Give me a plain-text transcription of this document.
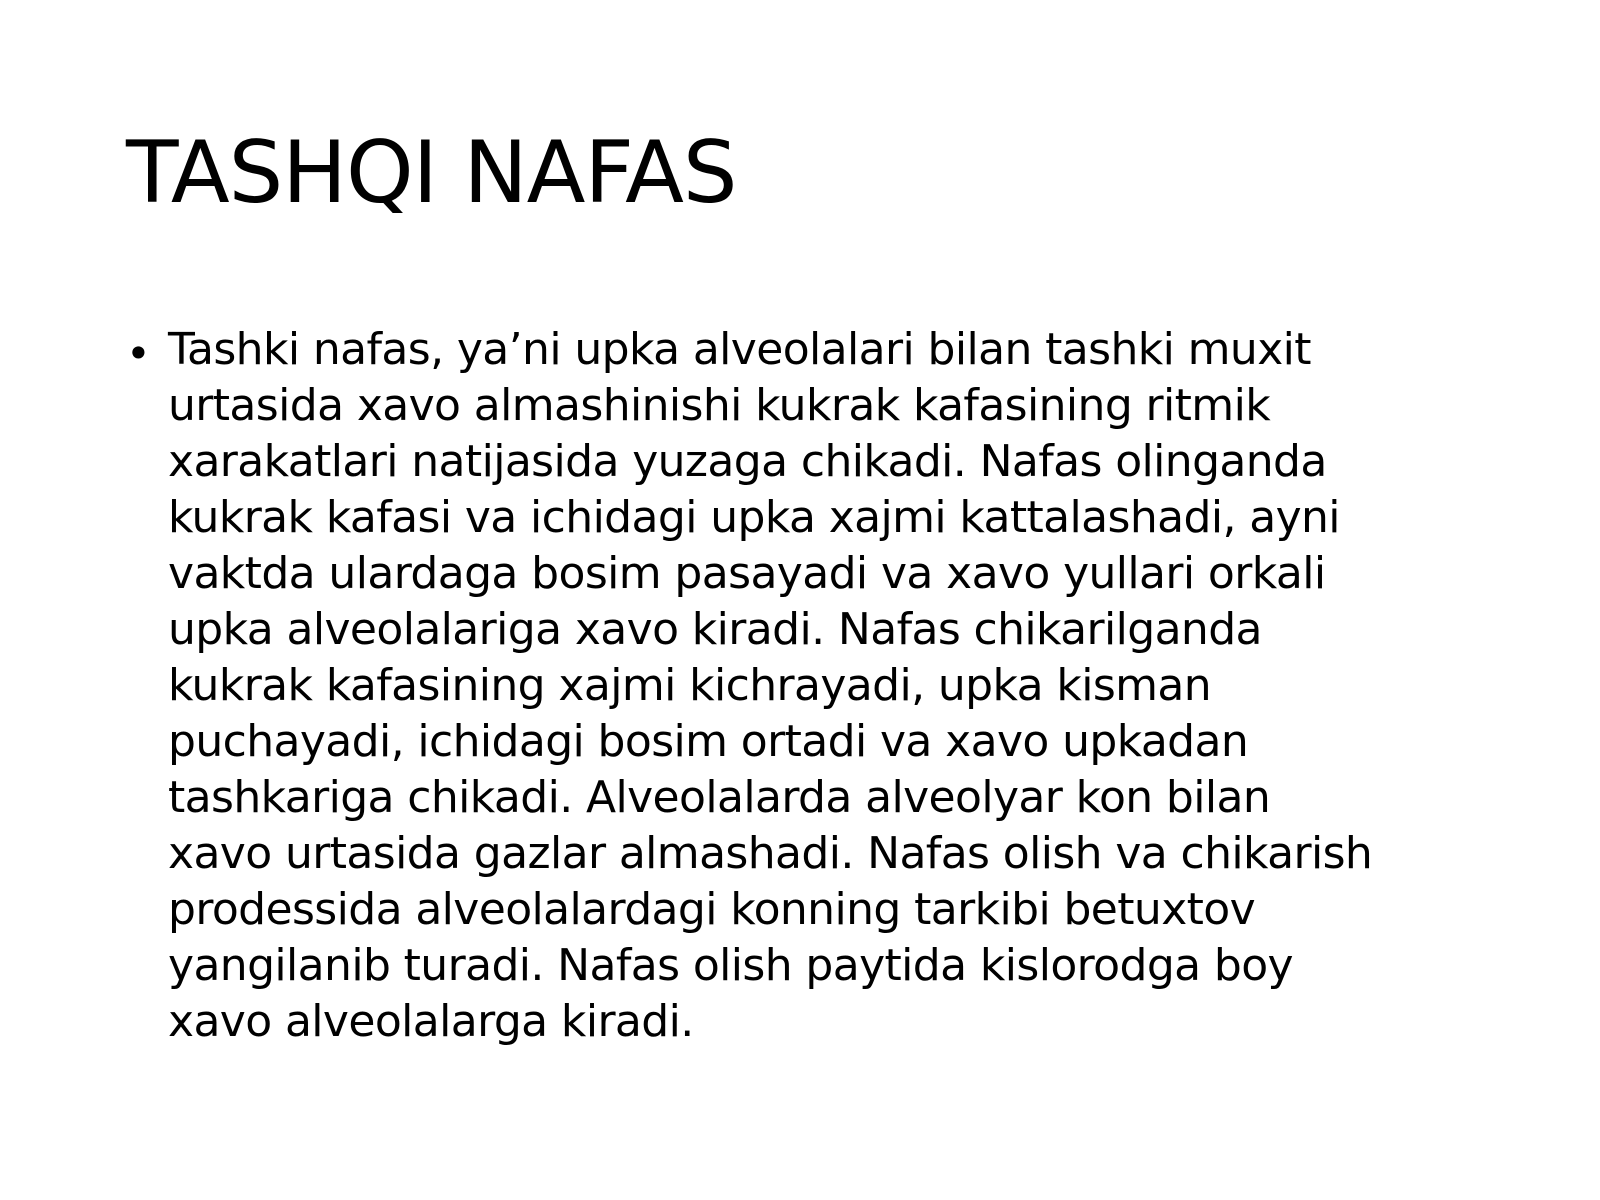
TASHQI NAFAS
• Tashki nafas, ya’ni upka alveolalari bilan tashki muxit
urtasida xavo almashinishi kukrak kafasining ritmik
xarakatlari natijasida yuzaga chikadi. Nafas olinganda
kukrak kafasi va ichidagi upka xajmi kattalashadi, ayni
vaktda ulardaga bosim pasayadi va xavo yullari orkali
upka alveolalariga xavo kiradi. Nafas chikarilganda
kukrak kafasining xajmi kichrayadi, upka kisman
puchayadi, ichidagi bosim ortadi va xavo upkadan
tashkariga chikadi. Alveolalarda alveolyar kon bilan
xavo urtasida gazlar almashadi. Nafas olish va chikarish
prodessida alveolalardagi konning tarkibi betuxtov
yangilanib turadi. Nafas olish paytida kislorodga boy
xavo alveolalarga kiradi.
